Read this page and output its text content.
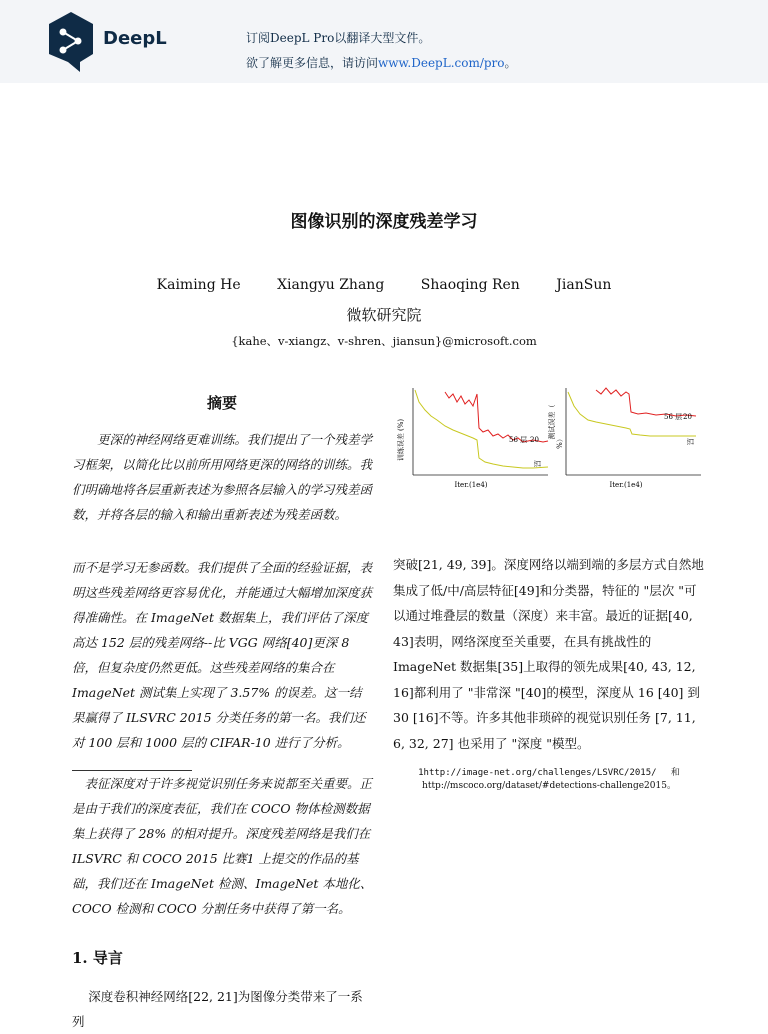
DeepL	订阅DeepL Pro以翻译大型文件。
欲了解更多信息，请访问www.DeepL.com/pro。
图像识别的深度残差学习
Kaiming He	Xiangyu Zhang	Shaoqing Ren	JianSun
微软研究院
{kahe、v-xiangz、v-shren、jiansun}@microsoft.com
摘要
更深的神经网络更难训练。我们提出了一个残差学习框架，以简化比以前所用网络更深的网络的训练。我们明确地将各层重新表述为参照各层输入的学习残差函数，并将各层的输入和输出重新表述为残差函数。
而不是学习无参函数。我们提供了全面的经验证据，表明这些残差网络更容易优化，并能通过大幅增加深度获得准确性。在 ImageNet 数据集上，我们评估了深度高达 152 层的残差网络--比 VGG 网络[40]更深 8 倍，但复杂度仍然更低。这些残差网络的集合在 ImageNet 测试集上实现了 3.57% 的误差。这一结果赢得了 ILSVRC 2015 分类任务的第一名。我们还对 100 层和 1000 层的 CIFAR-10 进行了分析。
表征深度对于许多视觉识别任务来说都至关重要。正是由于我们的深度表征，我们在 COCO 物体检测数据集上获得了 28% 的相对提升。深度残差网络是我们在 ILSVRC 和 COCO 2015 比赛1 上提交的作品的基础，我们还在 ImageNet 检测、ImageNet 本地化、COCO 检测和 COCO 分割任务中获得了第一名。
1. 导言
深度卷积神经网络[22, 21]为图像分类带来了一系列
56 层 20
层
训练误差 (%)
Iter.(1e4)
56 层 20
层
测试误差（
%）
Iter.(1e4)
突破[21, 49, 39]。深度网络以端到端的多层方式自然地集成了低/中/高层特征[49]和分类器，特征的 "层次 "可以通过堆叠层的数量（深度）来丰富。最近的证据[40, 43]表明，网络深度至关重要，在具有挑战性的 ImageNet 数据集[35]上取得的领先成果[40, 43, 12, 16]都利用了 "非常深 "[40]的模型，深度从 16 [40] 到 30 [16]不等。许多其他非琐碎的视觉识别任务 [7, 11, 6, 32, 27] 也采用了 "深度 "模型。
1http://image-net.org/challenges/LSVRC/2015/ 和
http://mscoco.org/dataset/#detections-challenge2015。
